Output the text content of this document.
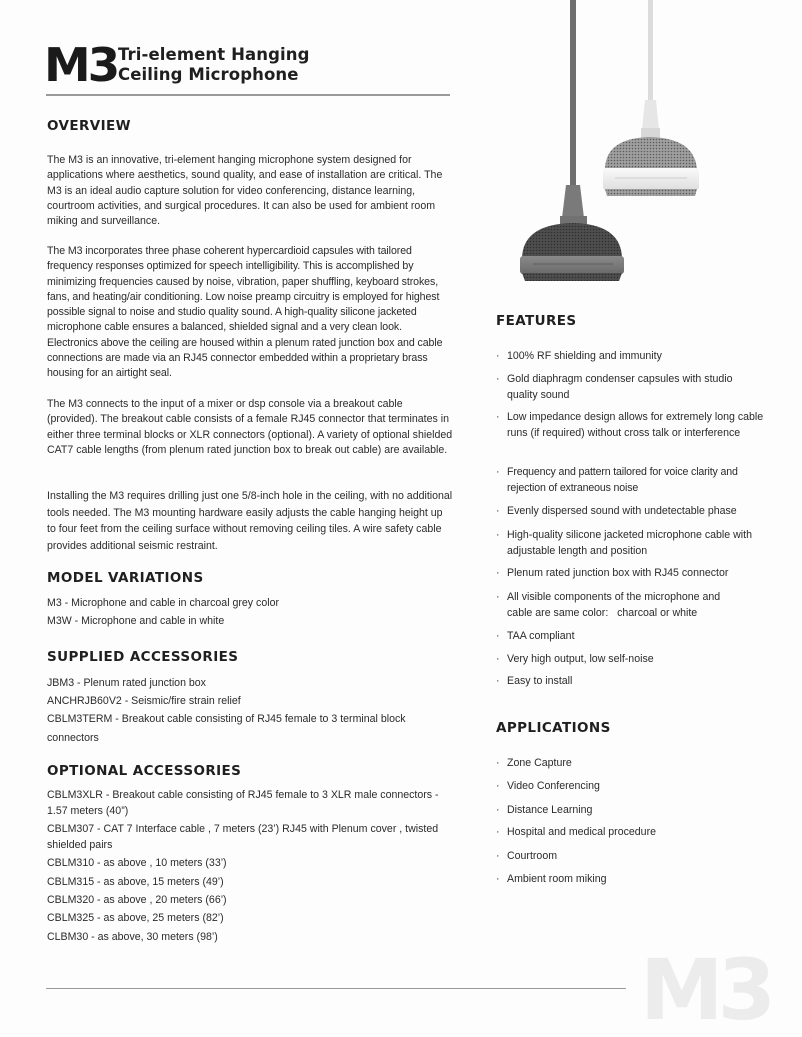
M3 Tri-element Hanging
Ceiling Microphone
OVERVIEW
The M3 is an innovative, tri-element hanging microphone system designed for applications where aesthetics, sound quality, and ease of installation are critical. The M3 is an ideal audio capture solution for video conferencing, distance learning, courtroom activities, and surgical procedures. It can also be used for ambient room miking and surveillance.
The M3 incorporates three phase coherent hypercardioid capsules with tailored frequency responses optimized for speech intelligibility. This is accomplished by minimizing frequencies caused by noise, vibration, paper shuffling, keyboard strokes, fans, and heating/air conditioning. Low noise preamp circuitry is employed for highest possible signal to noise and studio quality sound. A high-quality silicone jacketed microphone cable ensures a balanced, shielded signal and a very clean look. Electronics above the ceiling are housed within a plenum rated junction box and cable connections are made via an RJ45 connector embedded within a proprietary brass housing for an airtight seal.
The M3 connects to the input of a mixer or dsp console via a breakout cable (provided). The breakout cable consists of a female RJ45 connector that terminates in either three terminal blocks or XLR connectors (optional). A variety of optional shielded CAT7 cable lengths (from plenum rated junction box to break out cable) are available.
Installing the M3 requires drilling just one 5/8-inch hole in the ceiling, with no additional tools needed. The M3 mounting hardware easily adjusts the cable hanging height up to four feet from the ceiling surface without removing ceiling tiles. A wire safety cable provides additional seismic restraint.
MODEL VARIATIONS
M3 - Microphone and cable in charcoal grey color
M3W - Microphone and cable in white
SUPPLIED ACCESSORIES
JBM3 - Plenum rated junction box
ANCHRJB60V2 - Seismic/fire strain relief
CBLM3TERM - Breakout cable consisting of RJ45 female to 3 terminal block
connectors
OPTIONAL ACCESSORIES
CBLM3XLR - Breakout cable consisting of RJ45 female to 3 XLR male connectors -
1.57 meters (40”)
CBLM307 - CAT 7 Interface cable , 7 meters (23’) RJ45 with Plenum cover , twisted
shielded pairs
CBLM310 - as above , 10 meters (33’)
CBLM315 - as above, 15 meters (49’)
CBLM320 - as above , 20 meters (66’)
CBLM325 - as above, 25 meters (82’)
CLBM30 - as above, 30 meters (98’)
FEATURES
· 100% RF shielding and immunity
· Gold diaphragm condenser capsules with studio quality sound
· Low impedance design allows for extremely long cable runs (if required) without cross talk or interference
· Frequency and pattern tailored for voice clarity and rejection of extraneous noise
· Evenly dispersed sound with undetectable phase
· High-quality silicone jacketed microphone cable with adjustable length and position
· Plenum rated junction box with RJ45 connector
· All visible components of the microphone and cable are same color:   charcoal or white
· TAA compliant
· Very high output, low self-noise
· Easy to install
APPLICATIONS
· Zone Capture
· Video Conferencing
· Distance Learning
· Hospital and medical procedure
· Courtroom
· Ambient room miking
M3
